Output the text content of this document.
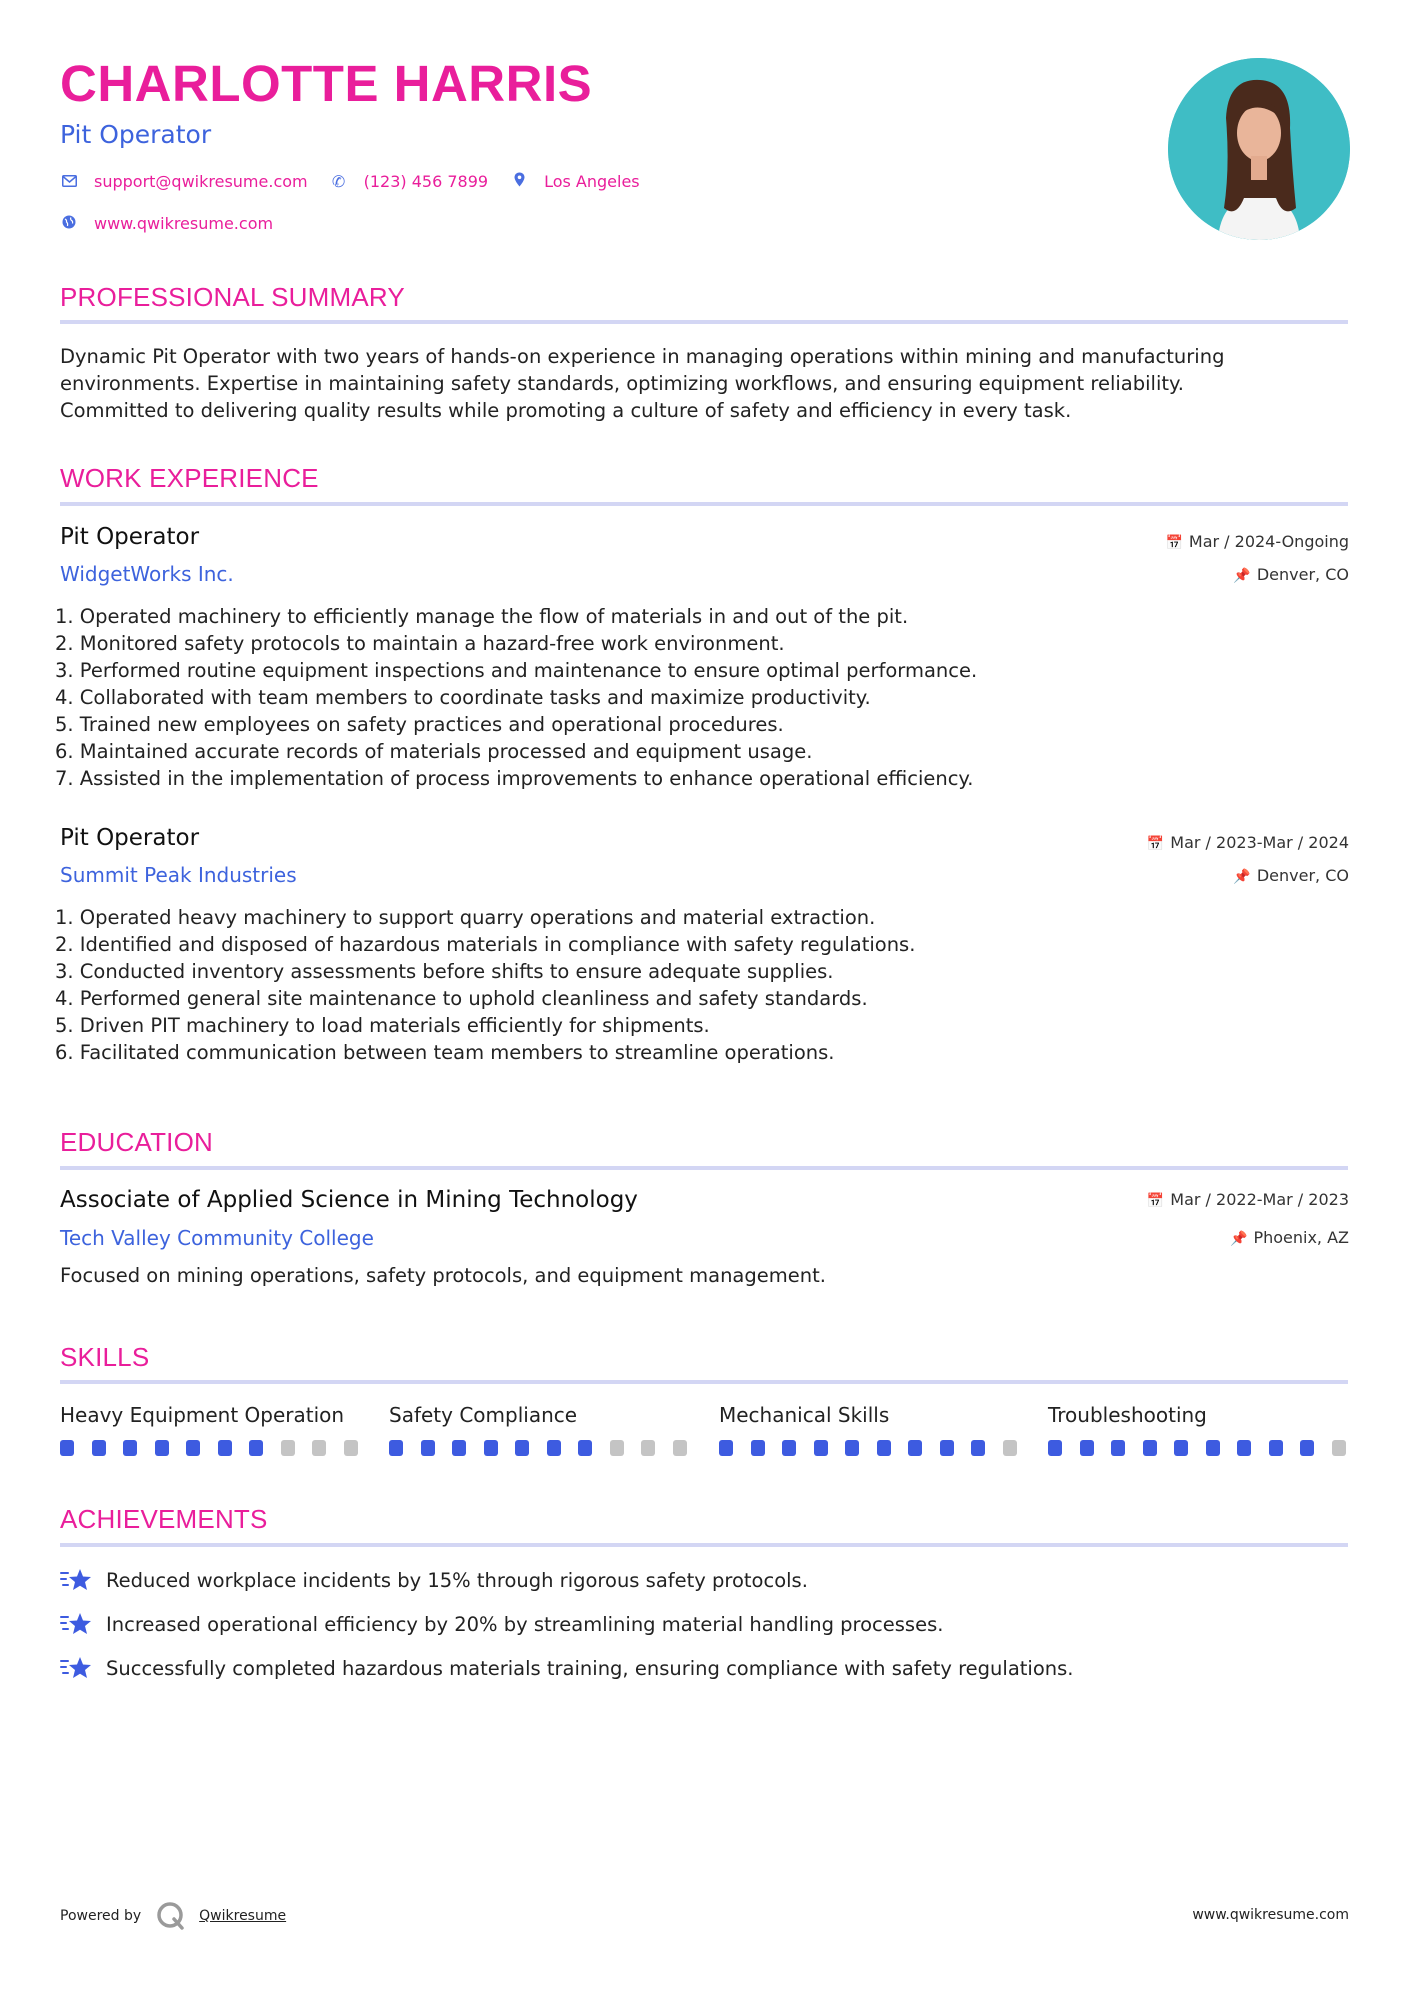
CHARLOTTE HARRIS
Pit Operator
support@qwikresume.com ✆ (123) 456 7899	Los Angeles
www.qwikresume.com
PROFESSIONAL SUMMARY

Dynamic Pit Operator with two years of hands-on experience in managing operations within mining and manufacturing
environments. Expertise in maintaining safety standards, optimizing workflows, and ensuring equipment reliability.
Committed to delivering quality results while promoting a culture of safety and efficiency in every task.

WORK EXPERIENCE
Pit Operator
WidgetWorks Inc.
📅 Mar / 2024-Ongoing
📌 Denver, CO
1. Operated machinery to efficiently manage the flow of materials in and out of the pit.
2. Monitored safety protocols to maintain a hazard-free work environment.
3. Performed routine equipment inspections and maintenance to ensure optimal performance.
4. Collaborated with team members to coordinate tasks and maximize productivity.
5. Trained new employees on safety practices and operational procedures.
6. Maintained accurate records of materials processed and equipment usage.
7. Assisted in the implementation of process improvements to enhance operational efficiency.
Pit Operator
Summit Peak Industries
📅 Mar / 2023-Mar / 2024
📌 Denver, CO
1. Operated heavy machinery to support quarry operations and material extraction.
2. Identified and disposed of hazardous materials in compliance with safety regulations.
3. Conducted inventory assessments before shifts to ensure adequate supplies.
4. Performed general site maintenance to uphold cleanliness and safety standards.
5. Driven PIT machinery to load materials efficiently for shipments.
6. Facilitated communication between team members to streamline operations.
EDUCATION
Associate of Applied Science in Mining Technology
Tech Valley Community College
📅 Mar / 2022-Mar / 2023
📌 Phoenix, AZ
Focused on mining operations, safety protocols, and equipment management.
SKILLS
Heavy Equipment Operation Safety Compliance	Mechanical Skills	Troubleshooting
ACHIEVEMENTS
Reduced workplace incidents by 15% through rigorous safety protocols.
Increased operational efficiency by 20% by streamlining material handling processes.
Successfully completed hazardous materials training, ensuring compliance with safety regulations.
Powered by	Qwikresume	www.qwikresume.com
